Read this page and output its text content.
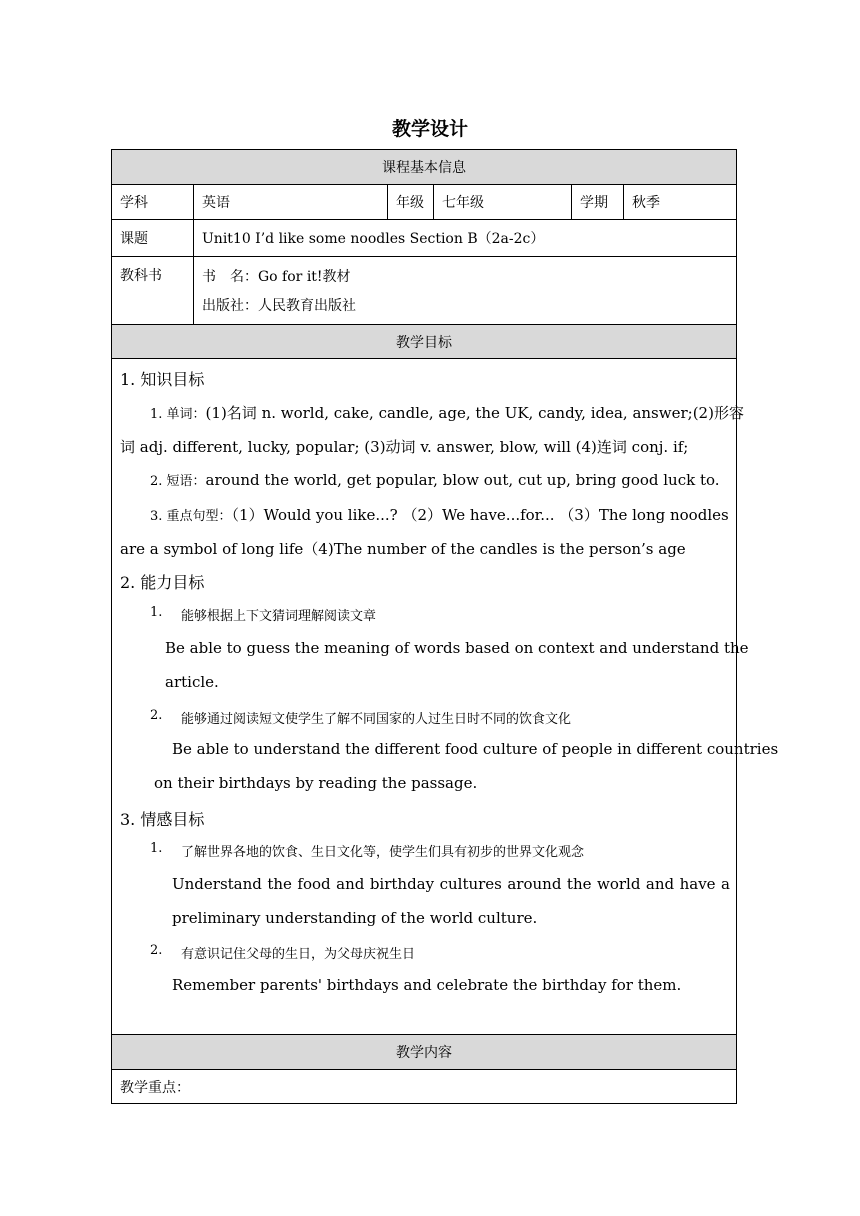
教学设计
课程基本信息
学科	英语	年级	七年级	学期	秋季
课题	Unit10 I’d like some noodles Section B（2a-2c）
教科书	书　名：Go for it!教材
出版社：人民教育出版社
教学目标
1. 知识目标
1. 单词：(1)名词 n. world, cake, candle, age, the UK, candy, idea, answer;(2)形容
词 adj. different, lucky, popular; (3)动词 v. answer, blow, will (4)连词 conj. if;
2. 短语：around the world, get popular, blow out, cut up, bring good luck to.
3. 重点句型：（1）Would you like...? （2）We have...for... （3）The long noodles
are a symbol of long life（4)The number of the candles is the person’s age
2. 能力目标
1. 能够根据上下文猜词理解阅读文章
Be able to guess the meaning of words based on context and understand the
article.
2. 能够通过阅读短文使学生了解不同国家的人过生日时不同的饮食文化
Be able to understand the different food culture of people in different countries
on their birthdays by reading the passage.
3. 情感目标
1. 了解世界各地的饮食、生日文化等，使学生们具有初步的世界文化观念
Understand the food and birthday cultures around the world and have a
preliminary understanding of the world culture.
2. 有意识记住父母的生日，为父母庆祝生日
Remember parents' birthdays and celebrate the birthday for them.
教学内容
教学重点：
